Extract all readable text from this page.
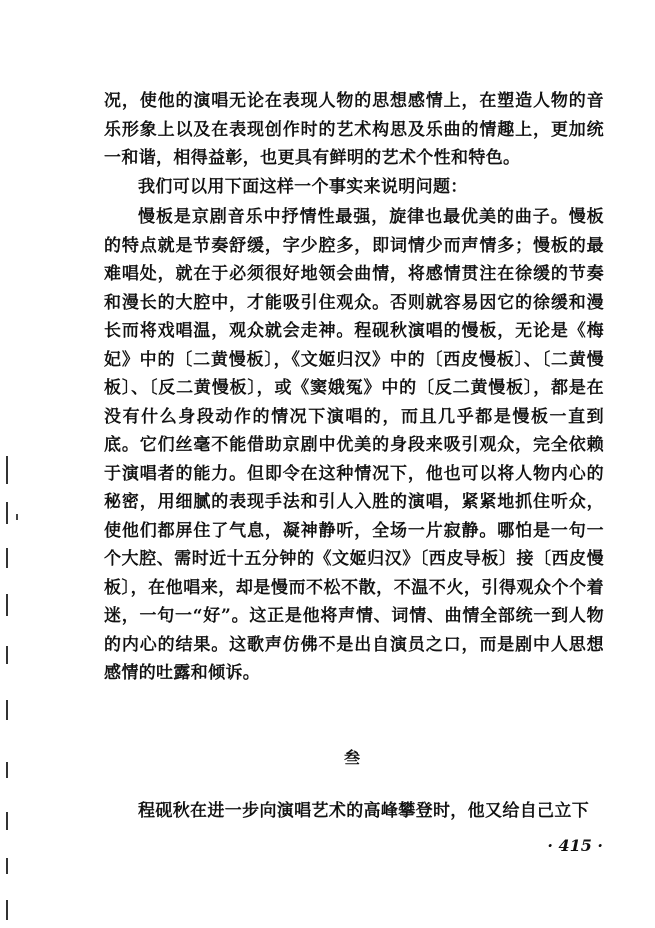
况，使他的演唱无论在表现人物的思想感情上，在塑造人物的音乐形象上以及在表现创作时的艺术构思及乐曲的情趣上，更加统一和谐，相得益彰，也更具有鲜明的艺术个性和特色。

我们可以用下面这样一个事实来说明问题：

慢板是京剧音乐中抒情性最强，旋律也最优美的曲子。慢板的特点就是节奏舒缓，字少腔多，即词情少而声情多；慢板的最难唱处，就在于必须很好地领会曲情，将感情贯注在徐缓的节奏和漫长的大腔中，才能吸引住观众。否则就容易因它的徐缓和漫长而将戏唱温，观众就会走神。程砚秋演唱的慢板，无论是《梅妃》中的〔二黄慢板〕，《文姬归汉》中的〔西皮慢板〕、〔二黄慢板〕、〔反二黄慢板〕，或《窦娥冤》中的〔反二黄慢板〕，都是在没有什么身段动作的情况下演唱的，而且几乎都是慢板一直到底。它们丝毫不能借助京剧中优美的身段来吸引观众，完全依赖于演唱者的能力。但即令在这种情况下，他也可以将人物内心的秘密，用细腻的表现手法和引人入胜的演唱，紧紧地抓住听众，使他们都屏住了气息，凝神静听，全场一片寂静。哪怕是一句一个大腔、需时近十五分钟的《文姬归汉》〔西皮导板〕接〔西皮慢板〕，在他唱来，却是慢而不松不散，不温不火，引得观众个个着迷，一句一“好”。这正是他将声情、词情、曲情全部统一到人物的内心的结果。这歌声仿佛不是出自演员之口，而是剧中人思想感情的吐露和倾诉。

叁

程砚秋在进一步向演唱艺术的高峰攀登时，他又给自己立下

· 415 ·
